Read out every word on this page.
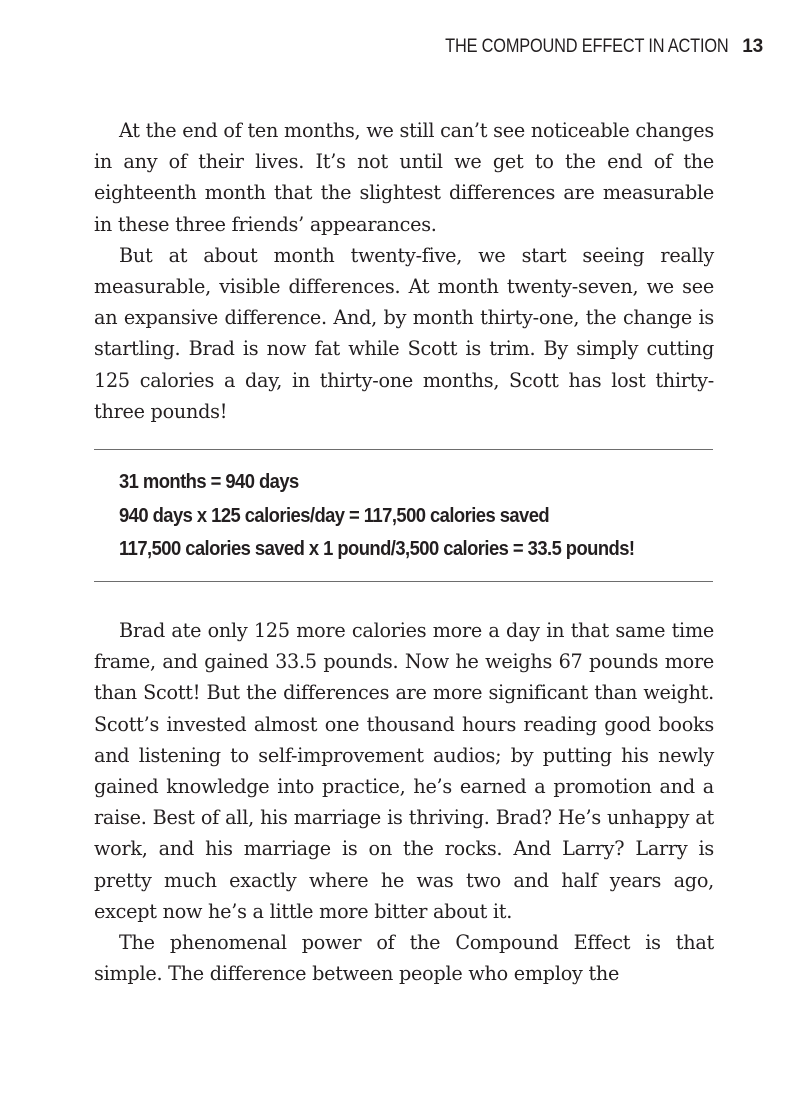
THE COMPOUND EFFECT IN ACTION 13

At the end of ten months, we still can’t see noticeable changes in any of their lives. It’s not until we get to the end of the eighteenth month that the slightest differences are measurable in these three friends’ appearances.

But at about month twenty-five, we start seeing really measurable, visible differences. At month twenty-seven, we see an expansive difference. And, by month thirty-one, the change is startling. Brad is now fat while Scott is trim. By simply cutting 125 calories a day, in thirty-one months, Scott has lost thirty-three pounds!

31 months = 940 days
940 days x 125 calories/day = 117,500 calories saved
117,500 calories saved x 1 pound/3,500 calories = 33.5 pounds!

Brad ate only 125 more calories more a day in that same time frame, and gained 33.5 pounds. Now he weighs 67 pounds more than Scott! But the differences are more significant than weight. Scott’s invested almost one thousand hours reading good books and listening to self-improvement audios; by putting his newly gained knowledge into practice, he’s earned a promotion and a raise. Best of all, his marriage is thriving. Brad? He’s unhappy at work, and his marriage is on the rocks. And Larry? Larry is pretty much exactly where he was two and half years ago, except now he’s a little more bitter about it.

The phenomenal power of the Compound Effect is that simple. The difference between people who employ the
